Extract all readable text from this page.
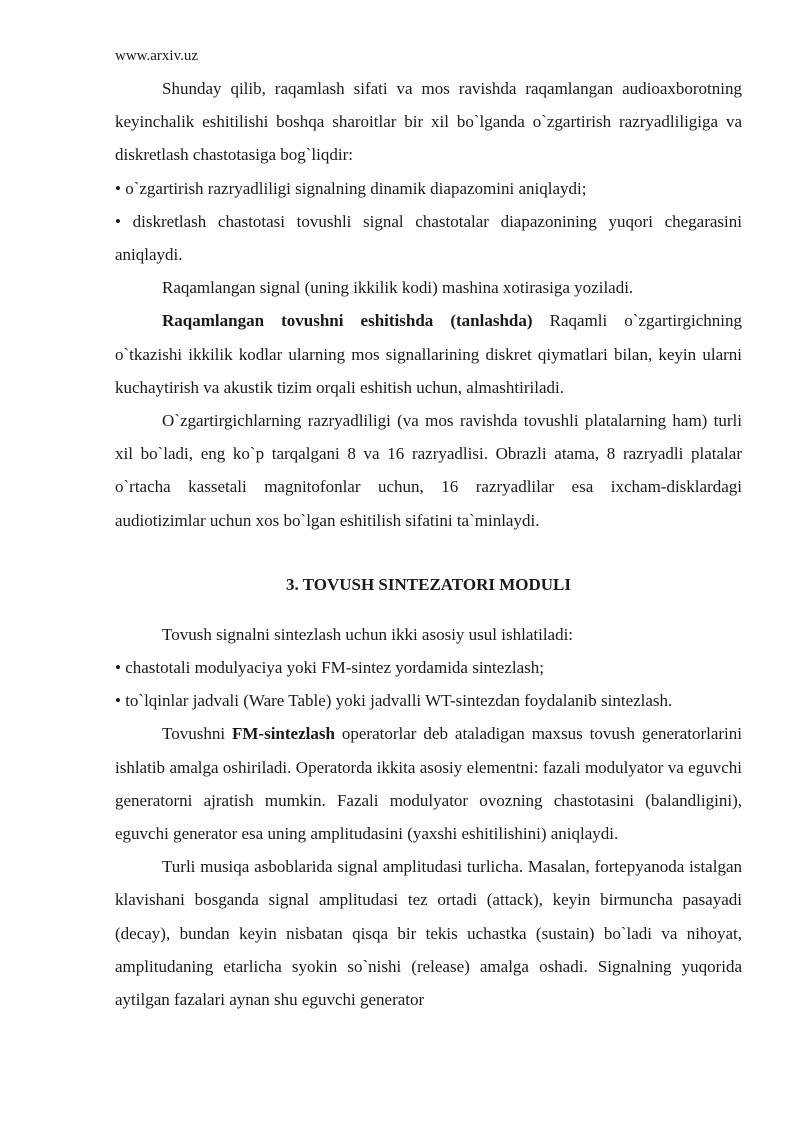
www.arxiv.uz

Shunday qilib, raqamlash sifati va mos ravishda raqamlangan audioaxborotning keyinchalik eshitilishi boshqa sharoitlar bir xil bo`lganda o`zgartirish razryadliligiga va diskretlash chastotasiga bog`liqdir:

• o`zgartirish razryadliligi signalning dinamik diapazomini aniqlaydi;

• diskretlash chastotasi tovushli signal chastotalar diapazonining yuqori chegarasini aniqlaydi.

Raqamlangan signal (uning ikkilik kodi) mashina xotirasiga yoziladi.

Raqamlangan tovushni eshitishda (tanlashda) Raqamli o`zgartirgichning o`tkazishi ikkilik kodlar ularning mos signallarining diskret qiymatlari bilan, keyin ularni kuchaytirish va akustik tizim orqali eshitish uchun, almashtiriladi.

O`zgartirgichlarning razryadliligi (va mos ravishda tovushli platalarning ham) turli xil bo`ladi, eng ko`p tarqalgani 8 va 16 razryadlisi. Obrazli atama, 8 razryadli platalar o`rtacha kassetali magnitofonlar uchun, 16 razryadlilar esa ixcham-disklardagi audiotizimlar uchun xos bo`lgan eshitilish sifatini ta`minlaydi.

3. TOVUSH SINTEZATORI MODULI

Tovush signalni sintezlash uchun ikki asosiy usul ishlatiladi:

• chastotali modulyaciya yoki FM-sintez yordamida sintezlash;

• to`lqinlar jadvali (Ware Table) yoki jadvalli WT-sintezdan foydalanib sintezlash.

Tovushni FM-sintezlash operatorlar deb ataladigan maxsus tovush generatorlarini ishlatib amalga oshiriladi. Operatorda ikkita asosiy elementni: fazali modulyator va eguvchi generatorni ajratish mumkin. Fazali modulyator ovozning chastotasini (balandligini), eguvchi generator esa uning amplitudasini (yaxshi eshitilishini) aniqlaydi.

Turli musiqa asboblarida signal amplitudasi turlicha. Masalan, fortepyanoda istalgan klavishani bosganda signal amplitudasi tez ortadi (attack), keyin birmuncha pasayadi (decay), bundan keyin nisbatan qisqa bir tekis uchastka (sustain) bo`ladi va nihoyat, amplitudaning etarlicha syokin so`nishi (release) amalga oshadi. Signalning yuqorida aytilgan fazalari aynan shu eguvchi generator
